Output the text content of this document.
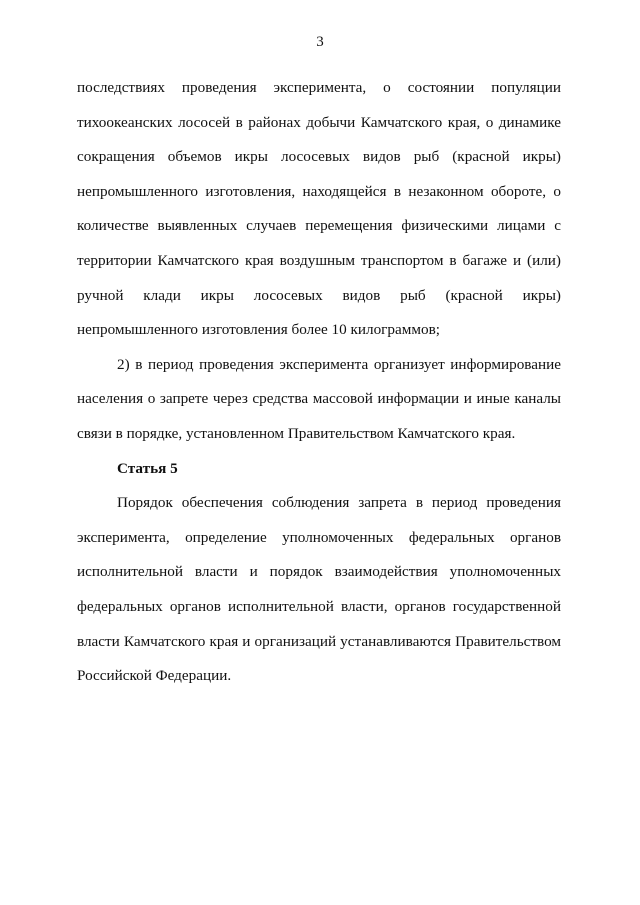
3
последствиях проведения эксперимента, о состоянии популяции
тихоокеанских лососей в районах добычи Камчатского края, о динамике
сокращения объемов икры лососевых видов рыб (красной икры)
непромышленного изготовления, находящейся в незаконном обороте, о
количестве выявленных случаев перемещения физическими лицами с
территории Камчатского края воздушным транспортом в багаже и (или)
ручной клади икры лососевых видов рыб (красной икры)
непромышленного изготовления более 10 килограммов;
2) в период проведения эксперимента организует информирование
населения о запрете через средства массовой информации и иные каналы
связи в порядке, установленном Правительством Камчатского края.
Статья 5
Порядок обеспечения соблюдения запрета в период проведения
эксперимента, определение уполномоченных федеральных органов
исполнительной власти и порядок взаимодействия уполномоченных
федеральных органов исполнительной власти, органов государственной
власти Камчатского края и организаций устанавливаются Правительством
Российской Федерации.
